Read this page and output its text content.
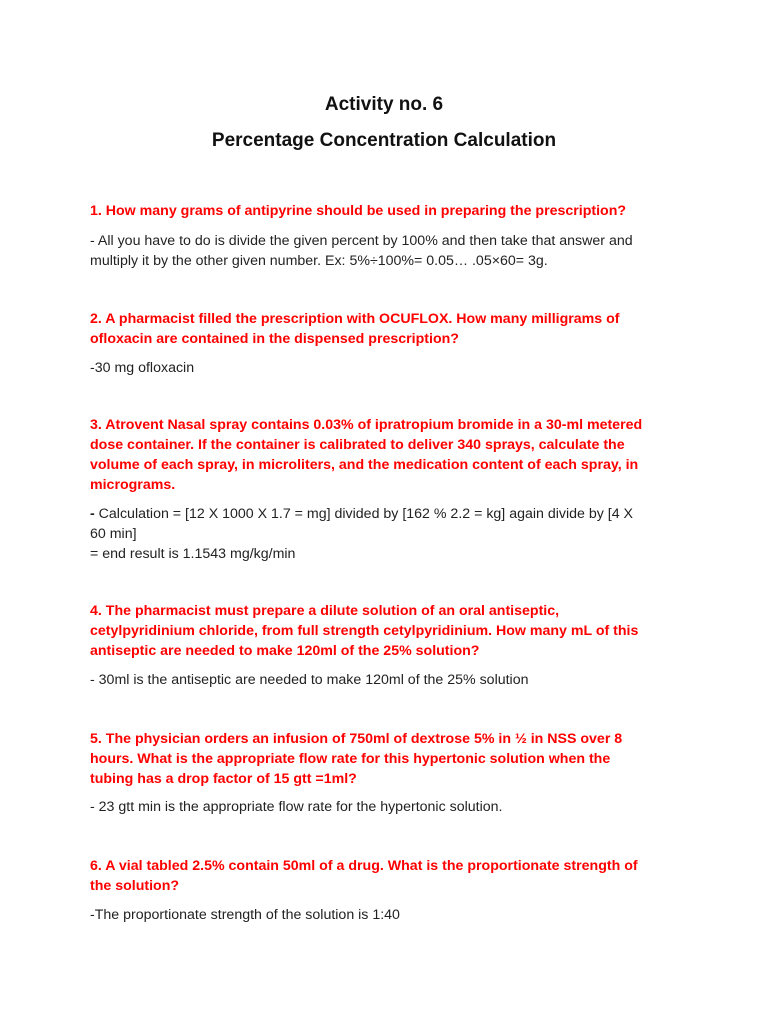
Activity no. 6
Percentage Concentration Calculation

1. How many grams of antipyrine should be used in preparing the prescription?

- All you have to do is divide the given percent by 100% and then take that answer and
multiply it by the other given number. Ex: 5%÷100%= 0.05… .05×60= 3g.

2. A pharmacist filled the prescription with OCUFLOX. How many milligrams of
ofloxacin are contained in the dispensed prescription?

-30 mg ofloxacin

3. Atrovent Nasal spray contains 0.03% of ipratropium bromide in a 30-ml metered
dose container. If the container is calibrated to deliver 340 sprays, calculate the
volume of each spray, in microliters, and the medication content of each spray, in
micrograms.

- Calculation = [12 X 1000 X 1.7 = mg] divided by [162 % 2.2 = kg] again divide by [4 X
60 min]
= end result is 1.1543 mg/kg/min

4. The pharmacist must prepare a dilute solution of an oral antiseptic,
cetylpyridinium chloride, from full strength cetylpyridinium. How many mL of this
antiseptic are needed to make 120ml of the 25% solution?

- 30ml is the antiseptic are needed to make 120ml of the 25% solution

5. The physician orders an infusion of 750ml of dextrose 5% in ½ in NSS over 8
hours. What is the appropriate flow rate for this hypertonic solution when the
tubing has a drop factor of 15 gtt =1ml?

- 23 gtt min is the appropriate flow rate for the hypertonic solution.

6. A vial tabled 2.5% contain 50ml of a drug. What is the proportionate strength of
the solution?

-The proportionate strength of the solution is 1:40
